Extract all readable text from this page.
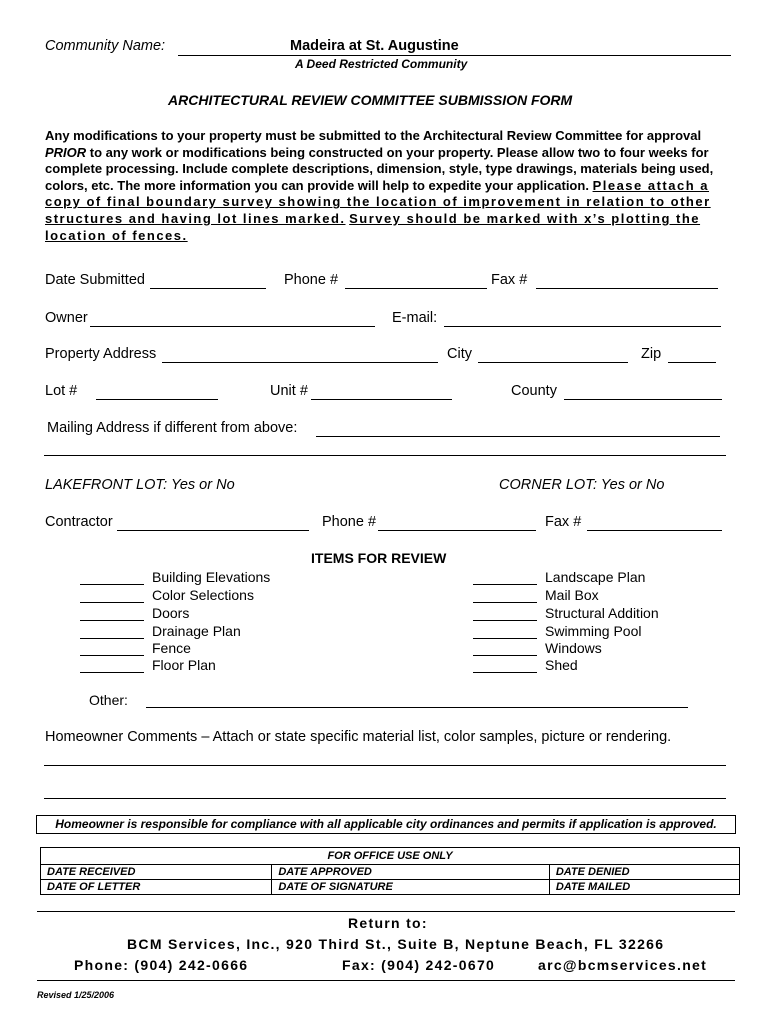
Community Name:	Madeira at St. Augustine
A Deed Restricted Community
ARCHITECTURAL REVIEW COMMITTEE SUBMISSION FORM
Any modifications to your property must be submitted to the Architectural Review Committee for approval PRIOR to any work or modifications being constructed on your property. Please allow two to four weeks for complete processing. Include complete descriptions, dimension, style, type drawings, materials being used, colors, etc. The more information you can provide will help to expedite your application. Please attach a copy of final boundary survey showing the location of improvement in relation to other structures and having lot lines marked. Survey should be marked with x’s plotting the location of fences.
Date Submitted	Phone #	Fax #
Owner	E-mail:
Property Address	City	Zip
Lot #	Unit #	County
Mailing Address if different from above:
LAKEFRONT LOT: Yes or No	CORNER LOT: Yes or No
Contractor	Phone #	Fax #
ITEMS FOR REVIEW
Building Elevations
Color Selections
Doors
Drainage Plan
Fence
Floor Plan
Landscape Plan
Mail Box
Structural Addition
Swimming Pool
Windows
Shed
Other:
Homeowner Comments – Attach or state specific material list, color samples, picture or rendering.
Homeowner is responsible for compliance with all applicable city ordinances and permits if application is approved.
FOR OFFICE USE ONLY		
DATE RECEIVED	DATE APPROVED	DATE DENIED
DATE OF LETTER	DATE OF SIGNATURE	DATE MAILED
Return to:
BCM Services, Inc., 920 Third St., Suite B, Neptune Beach, FL 32266
Phone: (904) 242-0666	Fax: (904) 242-0670	arc@bcmservices.net
Revised 1/25/2006
